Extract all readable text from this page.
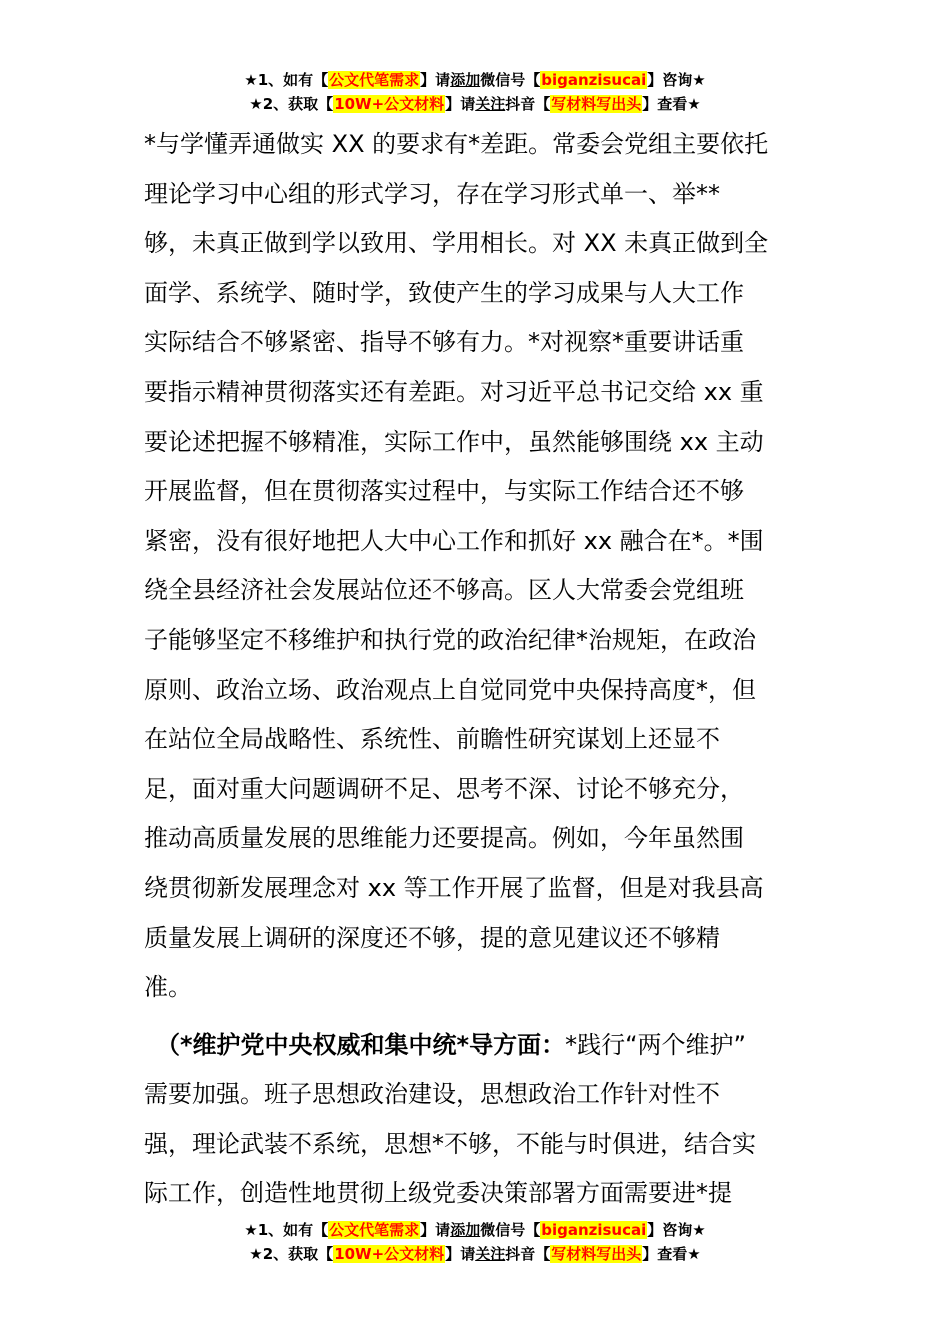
★1、如有【公文代笔需求】请添加微信号【biganzisucai】咨询★
★2、获取【10W+公文材料】请关注抖音【写材料写出头】查看★
*与学懂弄通做实 XX 的要求有*差距。常委会党组主要依托
理论学习中心组的形式学习，存在学习形式单一、举**
够，未真正做到学以致用、学用相长。对 XX 未真正做到全
面学、系统学、随时学，致使产生的学习成果与人大工作
实际结合不够紧密、指导不够有力。*对视察*重要讲话重
要指示精神贯彻落实还有差距。对习近平总书记交给 xx 重
要论述把握不够精准，实际工作中，虽然能够围绕 xx 主动
开展监督，但在贯彻落实过程中，与实际工作结合还不够
紧密，没有很好地把人大中心工作和抓好 xx 融合在*。*围
绕全县经济社会发展站位还不够高。区人大常委会党组班
子能够坚定不移维护和执行党的政治纪律*治规矩，在政治
原则、政治立场、政治观点上自觉同党中央保持高度*，但
在站位全局战略性、系统性、前瞻性研究谋划上还显不
足，面对重大问题调研不足、思考不深、讨论不够充分，
推动高质量发展的思维能力还要提高。例如，今年虽然围
绕贯彻新发展理念对 xx 等工作开展了监督，但是对我县高
质量发展上调研的深度还不够，提的意见建议还不够精
准。
（*维护党中央权威和集中统*导方面：*践行“两个维护”
需要加强。班子思想政治建设，思想政治工作针对性不
强，理论武装不系统，思想*不够，不能与时俱进，结合实
际工作，创造性地贯彻上级党委决策部署方面需要进*提
★1、如有【公文代笔需求】请添加微信号【biganzisucai】咨询★
★2、获取【10W+公文材料】请关注抖音【写材料写出头】查看★
